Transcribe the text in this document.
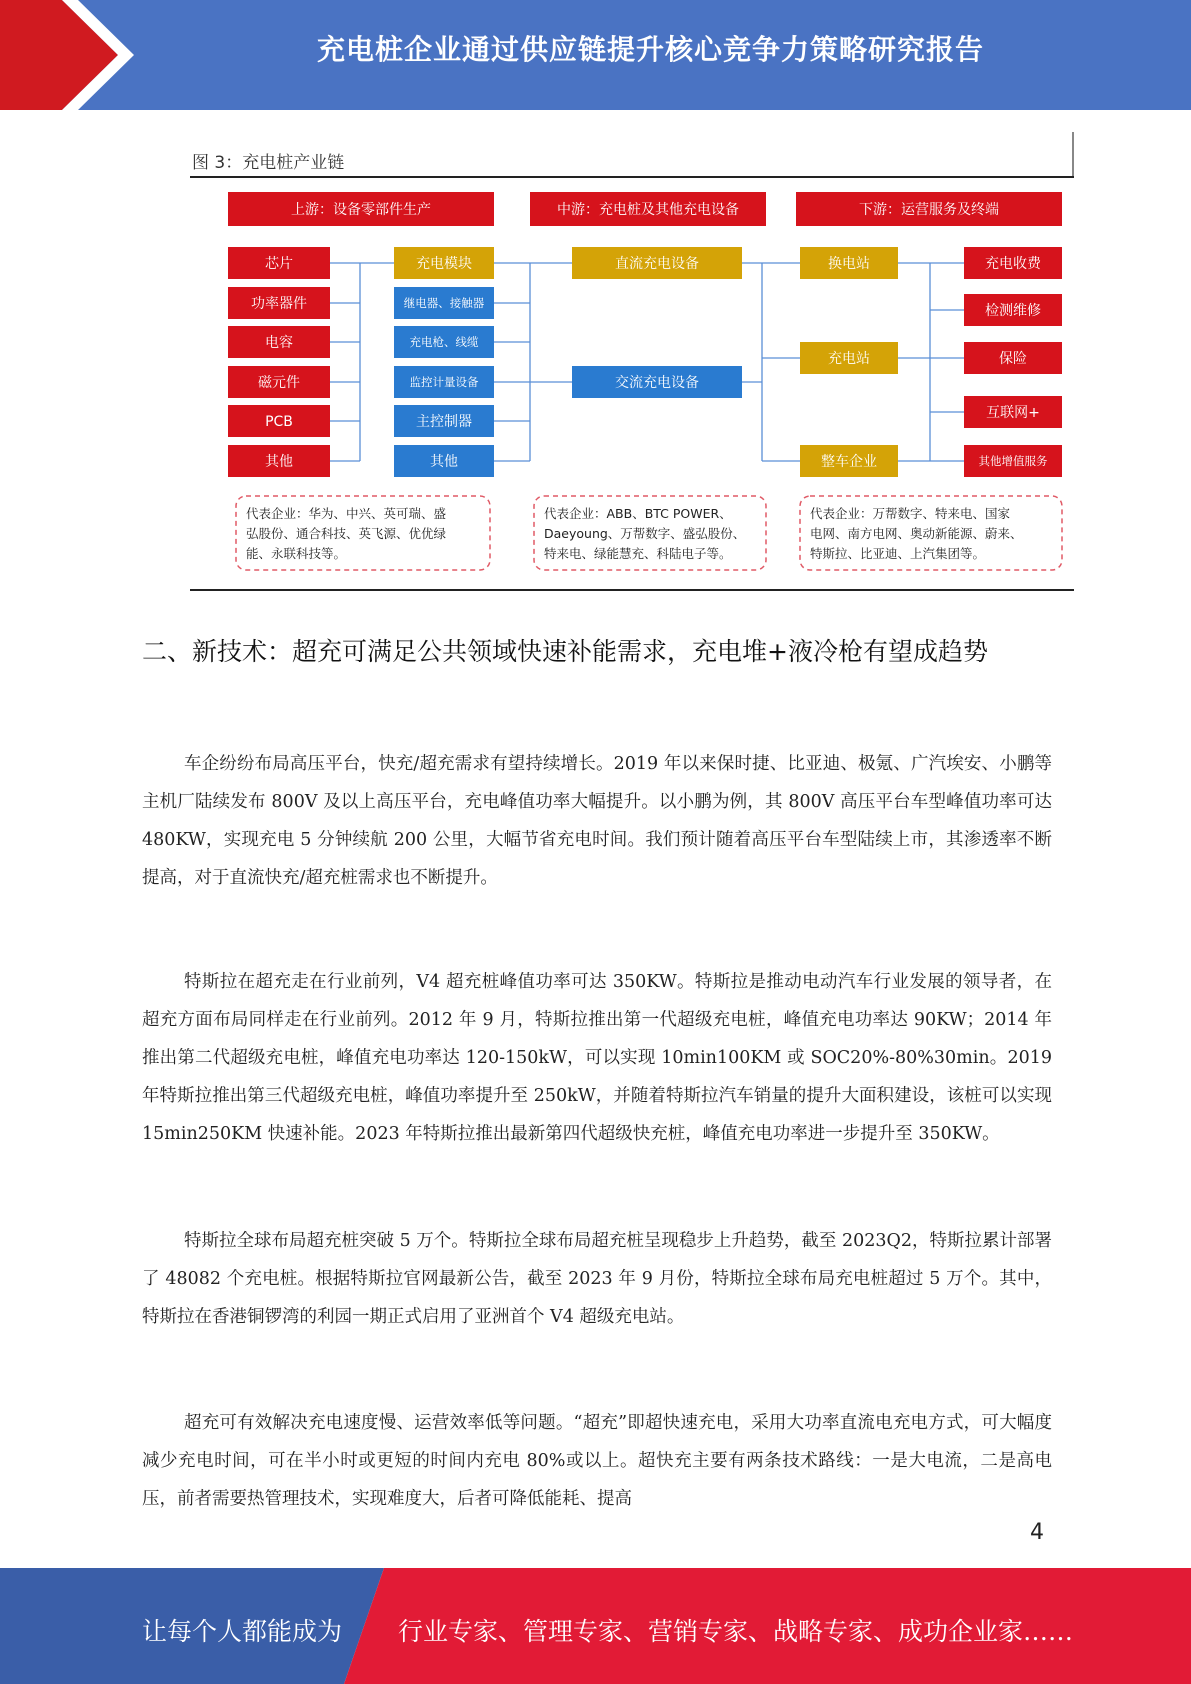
充电桩企业通过供应链提升核心竞争力策略研究报告
图 3：充电桩产业链
上游：设备零部件生产	中游：充电桩及其他充电设备	下游：运营服务及终端
芯片
功率器件
电容
磁元件
PCB
其他
充电模块
继电器、接触器
充电枪、线缆
监控计量设备
主控制器
其他
直流充电设备
交流充电设备
换电站
充电站
整车企业
充电收费
检测维修
保险
互联网+
其他增值服务
代表企业：华为、中兴、英可瑞、盛
弘股份、通合科技、英飞源、优优绿
能、永联科技等。
代表企业：ABB、BTC POWER、
Daeyoung、万帮数字、盛弘股份、
特来电、绿能慧充、科陆电子等。
代表企业：万帮数字、特来电、国家
电网、南方电网、奥动新能源、蔚来、
特斯拉、比亚迪、上汽集团等。
二、新技术：超充可满足公共领域快速补能需求，充电堆+液冷枪有望成趋势

车企纷纷布局高压平台，快充/超充需求有望持续增长。2019 年以来保时捷、比亚迪、极氪、广汽埃安、小鹏等主机厂陆续发布 800V 及以上高压平台，充电峰值功率大幅提升。以小鹏为例，其 800V 高压平台车型峰值功率可达 480KW，实现充电 5 分钟续航 200 公里，大幅节省充电时间。我们预计随着高压平台车型陆续上市，其渗透率不断提高，对于直流快充/超充桩需求也不断提升。

特斯拉在超充走在行业前列，V4 超充桩峰值功率可达 350KW。特斯拉是推动电动汽车行业发展的领导者，在超充方面布局同样走在行业前列。2012 年 9 月，特斯拉推出第一代超级充电桩，峰值充电功率达 90KW；2014 年推出第二代超级充电桩，峰值充电功率达 120-150kW，可以实现 10min100KM 或 SOC20%-80%30min。2019 年特斯拉推出第三代超级充电桩，峰值功率提升至 250kW，并随着特斯拉汽车销量的提升大面积建设，该桩可以实现 15min250KM 快速补能。2023 年特斯拉推出最新第四代超级快充桩，峰值充电功率进一步提升至 350KW。

特斯拉全球布局超充桩突破 5 万个。特斯拉全球布局超充桩呈现稳步上升趋势，截至 2023Q2，特斯拉累计部署了 48082 个充电桩。根据特斯拉官网最新公告，截至 2023 年 9 月份，特斯拉全球布局充电桩超过 5 万个。其中，特斯拉在香港铜锣湾的利园一期正式启用了亚洲首个 V4 超级充电站。

超充可有效解决充电速度慢、运营效率低等问题。“超充”即超快速充电，采用大功率直流电充电方式，可大幅度减少充电时间，可在半小时或更短的时间内充电 80%或以上。超快充主要有两条技术路线：一是大电流，二是高电压，前者需要热管理技术，实现难度大，后者可降低能耗、提高

4
让每个人都能成为 行业专家、管理专家、营销专家、战略专家、成功企业家……
